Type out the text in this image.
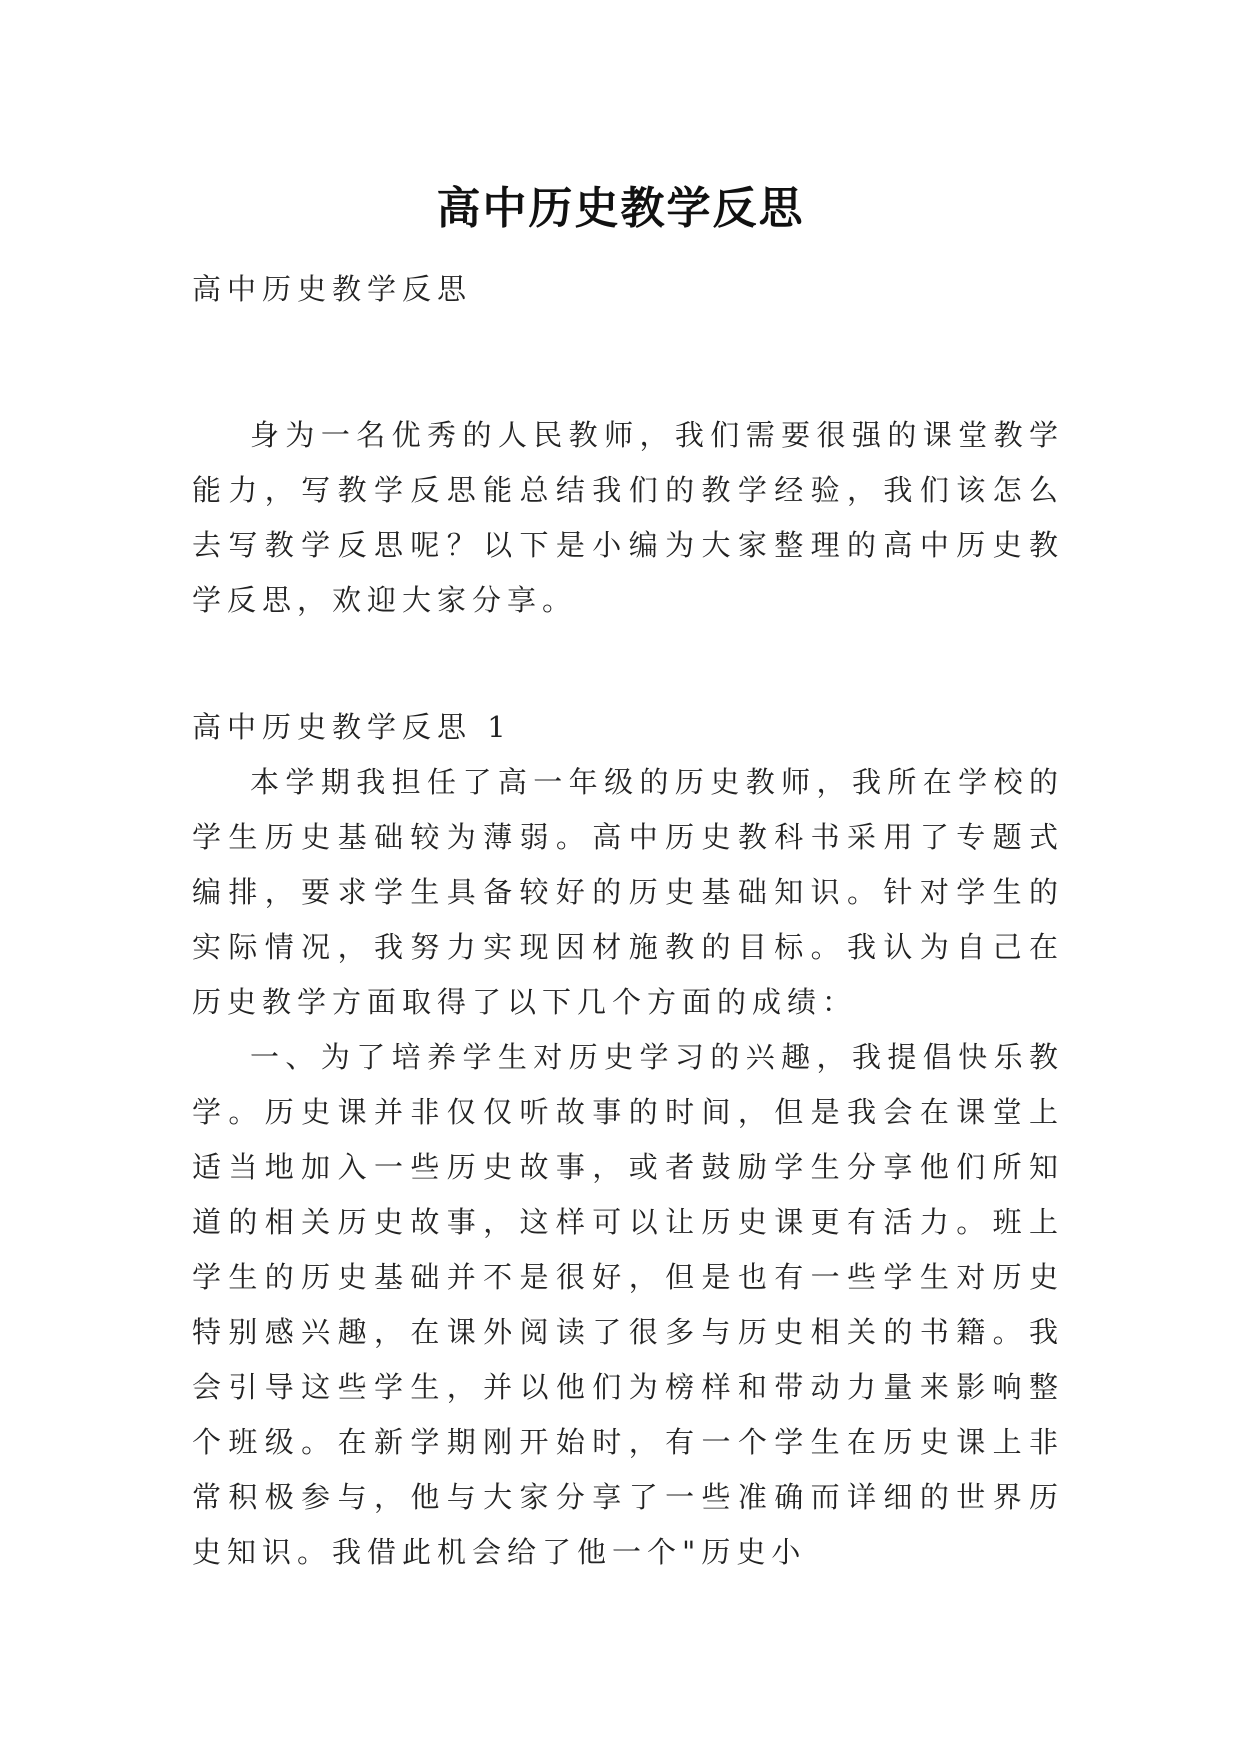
高中历史教学反思
高中历史教学反思

身为一名优秀的人民教师，我们需要很强的课堂教学能力，写教学反思能总结我们的教学经验，我们该怎么去写教学反思呢？以下是小编为大家整理的高中历史教学反思，欢迎大家分享。

高中历史教学反思 1

本学期我担任了高一年级的历史教师，我所在学校的学生历史基础较为薄弱。高中历史教科书采用了专题式编排，要求学生具备较好的历史基础知识。针对学生的实际情况，我努力实现因材施教的目标。我认为自己在历史教学方面取得了以下几个方面的成绩：

一、为了培养学生对历史学习的兴趣，我提倡快乐教学。历史课并非仅仅听故事的时间，但是我会在课堂上适当地加入一些历史故事，或者鼓励学生分享他们所知道的相关历史故事，这样可以让历史课更有活力。班上学生的历史基础并不是很好，但是也有一些学生对历史特别感兴趣，在课外阅读了很多与历史相关的书籍。我会引导这些学生，并以他们为榜样和带动力量来影响整个班级。在新学期刚开始时，有一个学生在历史课上非常积极参与，他与大家分享了一些准确而详细的世界历史知识。我借此机会给了他一个"历史小
